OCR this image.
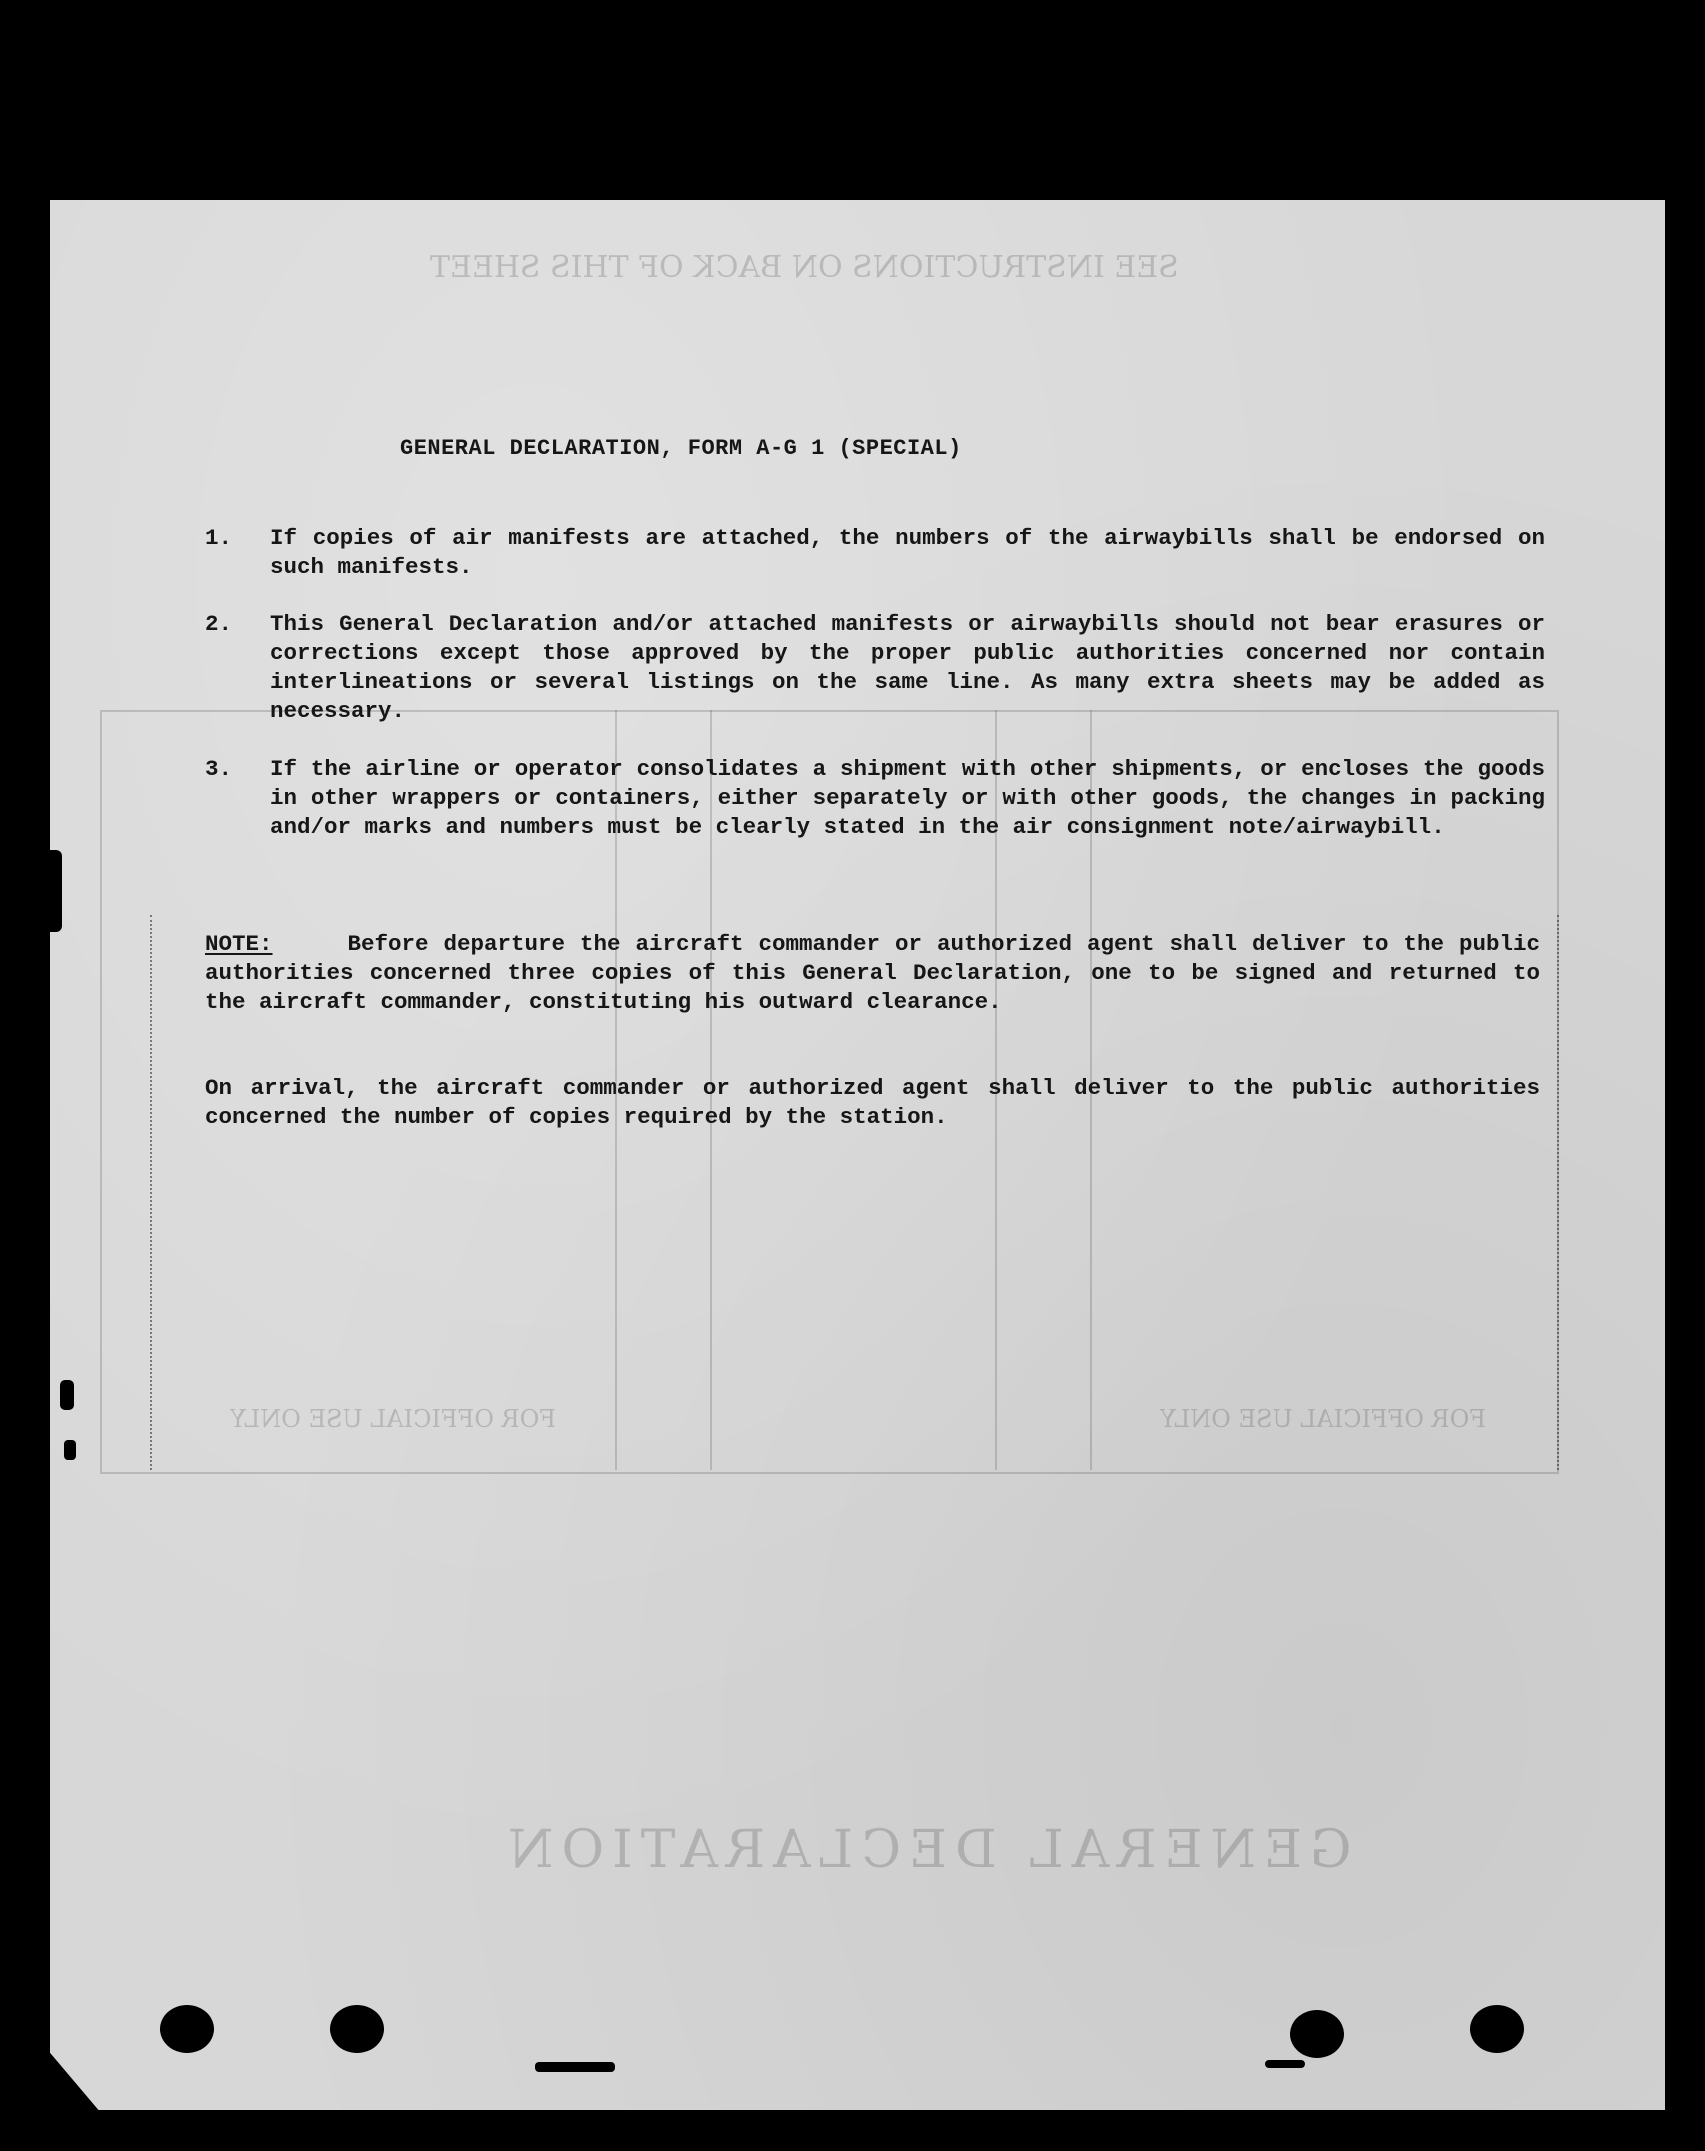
SEE INSTRUCTIONS ON BACK OF THIS SHEET
FOR OFFICIAL USE ONLY	FOR OFFICIAL USE ONLY
GENERAL DECLARATION
GENERAL DECLARATION, FORM A-G 1 (SPECIAL)
1. If copies of air manifests are attached, the numbers of the airwaybills shall be endorsed on such manifests.
2. This General Declaration and/or attached manifests or airwaybills should not bear erasures or corrections except those approved by the proper public authorities concerned nor contain interlineations or several listings on the same line. As many extra sheets may be added as necessary.
3. If the airline or operator consolidates a shipment with other shipments, or encloses the goods in other wrappers or containers, either separately or with other goods, the changes in packing and/or marks and numbers must be clearly stated in the air consignment note/airwaybill.
NOTE:	Before departure the aircraft commander or authorized agent shall deliver to the public authorities concerned three copies of this General Declaration, one to be signed and returned to the aircraft commander, constituting his outward clearance.
On arrival, the aircraft commander or authorized agent shall deliver to the public authorities concerned the number of copies required by the station.
